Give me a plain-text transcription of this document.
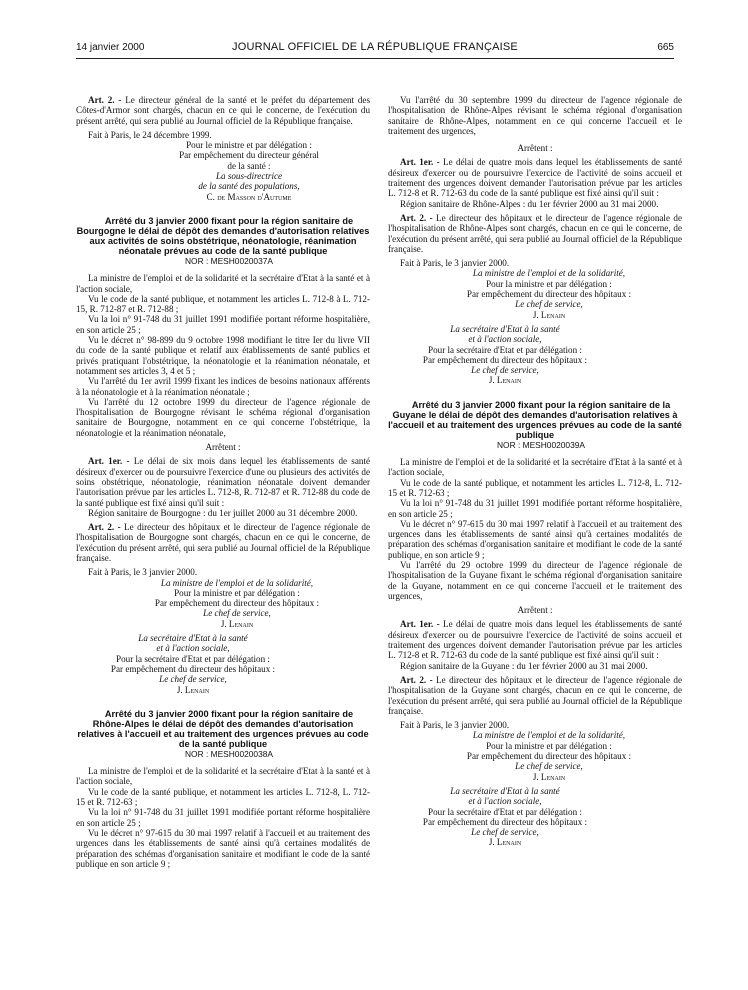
14 janvier 2000	JOURNAL OFFICIEL DE LA RÉPUBLIQUE FRANÇAISE	665

Art. 2. - Le directeur général de la santé et le préfet du département des Côtes-d'Armor sont chargés, chacun en ce qui le concerne, de l'exécution du présent arrêté, qui sera publié au Journal officiel de la République française.

Fait à Paris, le 24 décembre 1999.

Pour le ministre et par délégation :

Par empêchement du directeur général

de la santé :

La sous-directrice

de la santé des populations,

C. de Masson d'Autume

Arrêté du 3 janvier 2000 fixant pour la région sanitaire de Bourgogne le délai de dépôt des demandes d'autorisation relatives aux activités de soins obstétrique, néonatologie, réanimation néonatale prévues au code de la santé publique

NOR : MESH0020037A

La ministre de l'emploi et de la solidarité et la secrétaire d'Etat à la santé et à l'action sociale,

Vu le code de la santé publique, et notamment les articles L. 712-8 à L. 712-15, R. 712-87 et R. 712-88 ;

Vu la loi n° 91-748 du 31 juillet 1991 modifiée portant réforme hospitalière, en son article 25 ;

Vu le décret n° 98-899 du 9 octobre 1998 modifiant le titre Ier du livre VII du code de la santé publique et relatif aux établissements de santé publics et privés pratiquant l'obstétrique, la néonatologie et la réanimation néonatale, et notamment ses articles 3, 4 et 5 ;

Vu l'arrêté du 1er avril 1999 fixant les indices de besoins nationaux afférents à la néonatologie et à la réanimation néonatale ;

Vu l'arrêté du 12 octobre 1999 du directeur de l'agence régionale de l'hospitalisation de Bourgogne révisant le schéma régional d'organisation sanitaire de Bourgogne, notamment en ce qui concerne l'obstétrique, la néonatologie et la réanimation néonatale,

Arrêtent :

Art. 1er. - Le délai de six mois dans lequel les établissements de santé désireux d'exercer ou de poursuivre l'exercice d'une ou plusieurs des activités de soins obstétrique, néonatologie, réanimation néonatale doivent demander l'autorisation prévue par les articles L. 712-8, R. 712-87 et R. 712-88 du code de la santé publique est fixé ainsi qu'il suit :

Région sanitaire de Bourgogne : du 1er juillet 2000 au 31 décembre 2000.

Art. 2. - Le directeur des hôpitaux et le directeur de l'agence régionale de l'hospitalisation de Bourgogne sont chargés, chacun en ce qui le concerne, de l'exécution du présent arrêté, qui sera publié au Journal officiel de la République française.

Fait à Paris, le 3 janvier 2000.

La ministre de l'emploi et de la solidarité,

Pour la ministre et par délégation :

Par empêchement du directeur des hôpitaux :

Le chef de service,

J. Lenain

La secrétaire d'Etat à la santé

et à l'action sociale,

Pour la secrétaire d'Etat et par délégation :

Par empêchement du directeur des hôpitaux :

Le chef de service,

J. Lenain

Arrêté du 3 janvier 2000 fixant pour la région sanitaire de Rhône-Alpes le délai de dépôt des demandes d'autorisation relatives à l'accueil et au traitement des urgences prévues au code de la santé publique

NOR : MESH0020038A

La ministre de l'emploi et de la solidarité et la secrétaire d'Etat à la santé et à l'action sociale,

Vu le code de la santé publique, et notamment les articles L. 712-8, L. 712-15 et R. 712-63 ;

Vu la loi n° 91-748 du 31 juillet 1991 modifiée portant réforme hospitalière en son article 25 ;

Vu le décret n° 97-615 du 30 mai 1997 relatif à l'accueil et au traitement des urgences dans les établissements de santé ainsi qu'à certaines modalités de préparation des schémas d'organisation sanitaire et modifiant le code de la santé publique en son article 9 ;

Vu l'arrêté du 30 septembre 1999 du directeur de l'agence régionale de l'hospitalisation de Rhône-Alpes révisant le schéma régional d'organisation sanitaire de Rhône-Alpes, notamment en ce qui concerne l'accueil et le traitement des urgences,

Arrêtent :

Art. 1er. - Le délai de quatre mois dans lequel les établissements de santé désireux d'exercer ou de poursuivre l'exercice de l'activité de soins accueil et traitement des urgences doivent demander l'autorisation prévue par les articles L. 712-8 et R. 712-63 du code de la santé publique est fixé ainsi qu'il suit :

Région sanitaire de Rhône-Alpes : du 1er février 2000 au 31 mai 2000.

Art. 2. - Le directeur des hôpitaux et le directeur de l'agence régionale de l'hospitalisation de Rhône-Alpes sont chargés, chacun en ce qui le concerne, de l'exécution du présent arrêté, qui sera publié au Journal officiel de la République française.

Fait à Paris, le 3 janvier 2000.

La ministre de l'emploi et de la solidarité,

Pour la ministre et par délégation :

Par empêchement du directeur des hôpitaux :

Le chef de service,

J. Lenain

La secrétaire d'Etat à la santé

et à l'action sociale,

Pour la secrétaire d'Etat et par délégation :

Par empêchement du directeur des hôpitaux :

Le chef de service,

J. Lenain

Arrêté du 3 janvier 2000 fixant pour la région sanitaire de la Guyane le délai de dépôt des demandes d'autorisation relatives à l'accueil et au traitement des urgences prévues au code de la santé publique

NOR : MESH0020039A

La ministre de l'emploi et de la solidarité et la secrétaire d'Etat à la santé et à l'action sociale,

Vu le code de la santé publique, et notamment les articles L. 712-8, L. 712-15 et R. 712-63 ;

Vu la loi n° 91-748 du 31 juillet 1991 modifiée portant réforme hospitalière, en son article 25 ;

Vu le décret n° 97-615 du 30 mai 1997 relatif à l'accueil et au traitement des urgences dans les établissements de santé ainsi qu'à certaines modalités de préparation des schémas d'organisation sanitaire et modifiant le code de la santé publique, en son article 9 ;

Vu l'arrêté du 29 octobre 1999 du directeur de l'agence régionale de l'hospitalisation de la Guyane fixant le schéma régional d'organisation sanitaire de la Guyane, notamment en ce qui concerne l'accueil et le traitement des urgences,

Arrêtent :

Art. 1er. - Le délai de quatre mois dans lequel les établissements de santé désireux d'exercer ou de poursuivre l'exercice de l'activité de soins accueil et traitement des urgences doivent demander l'autorisation prévue par les articles L. 712-8 et R. 712-63 du code de la santé publique est fixé ainsi qu'il suit :

Région sanitaire de la Guyane : du 1er février 2000 au 31 mai 2000.

Art. 2. - Le directeur des hôpitaux et le directeur de l'agence régionale de l'hospitalisation de la Guyane sont chargés, chacun en ce qui le concerne, de l'exécution du présent arrêté, qui sera publié au Journal officiel de la République française.

Fait à Paris, le 3 janvier 2000.

La ministre de l'emploi et de la solidarité,

Pour la ministre et par délégation :

Par empêchement du directeur des hôpitaux :

Le chef de service,

J. Lenain

La secrétaire d'Etat à la santé

et à l'action sociale,

Pour la secrétaire d'Etat et par délégation :

Par empêchement du directeur des hôpitaux :

Le chef de service,

J. Lenain
